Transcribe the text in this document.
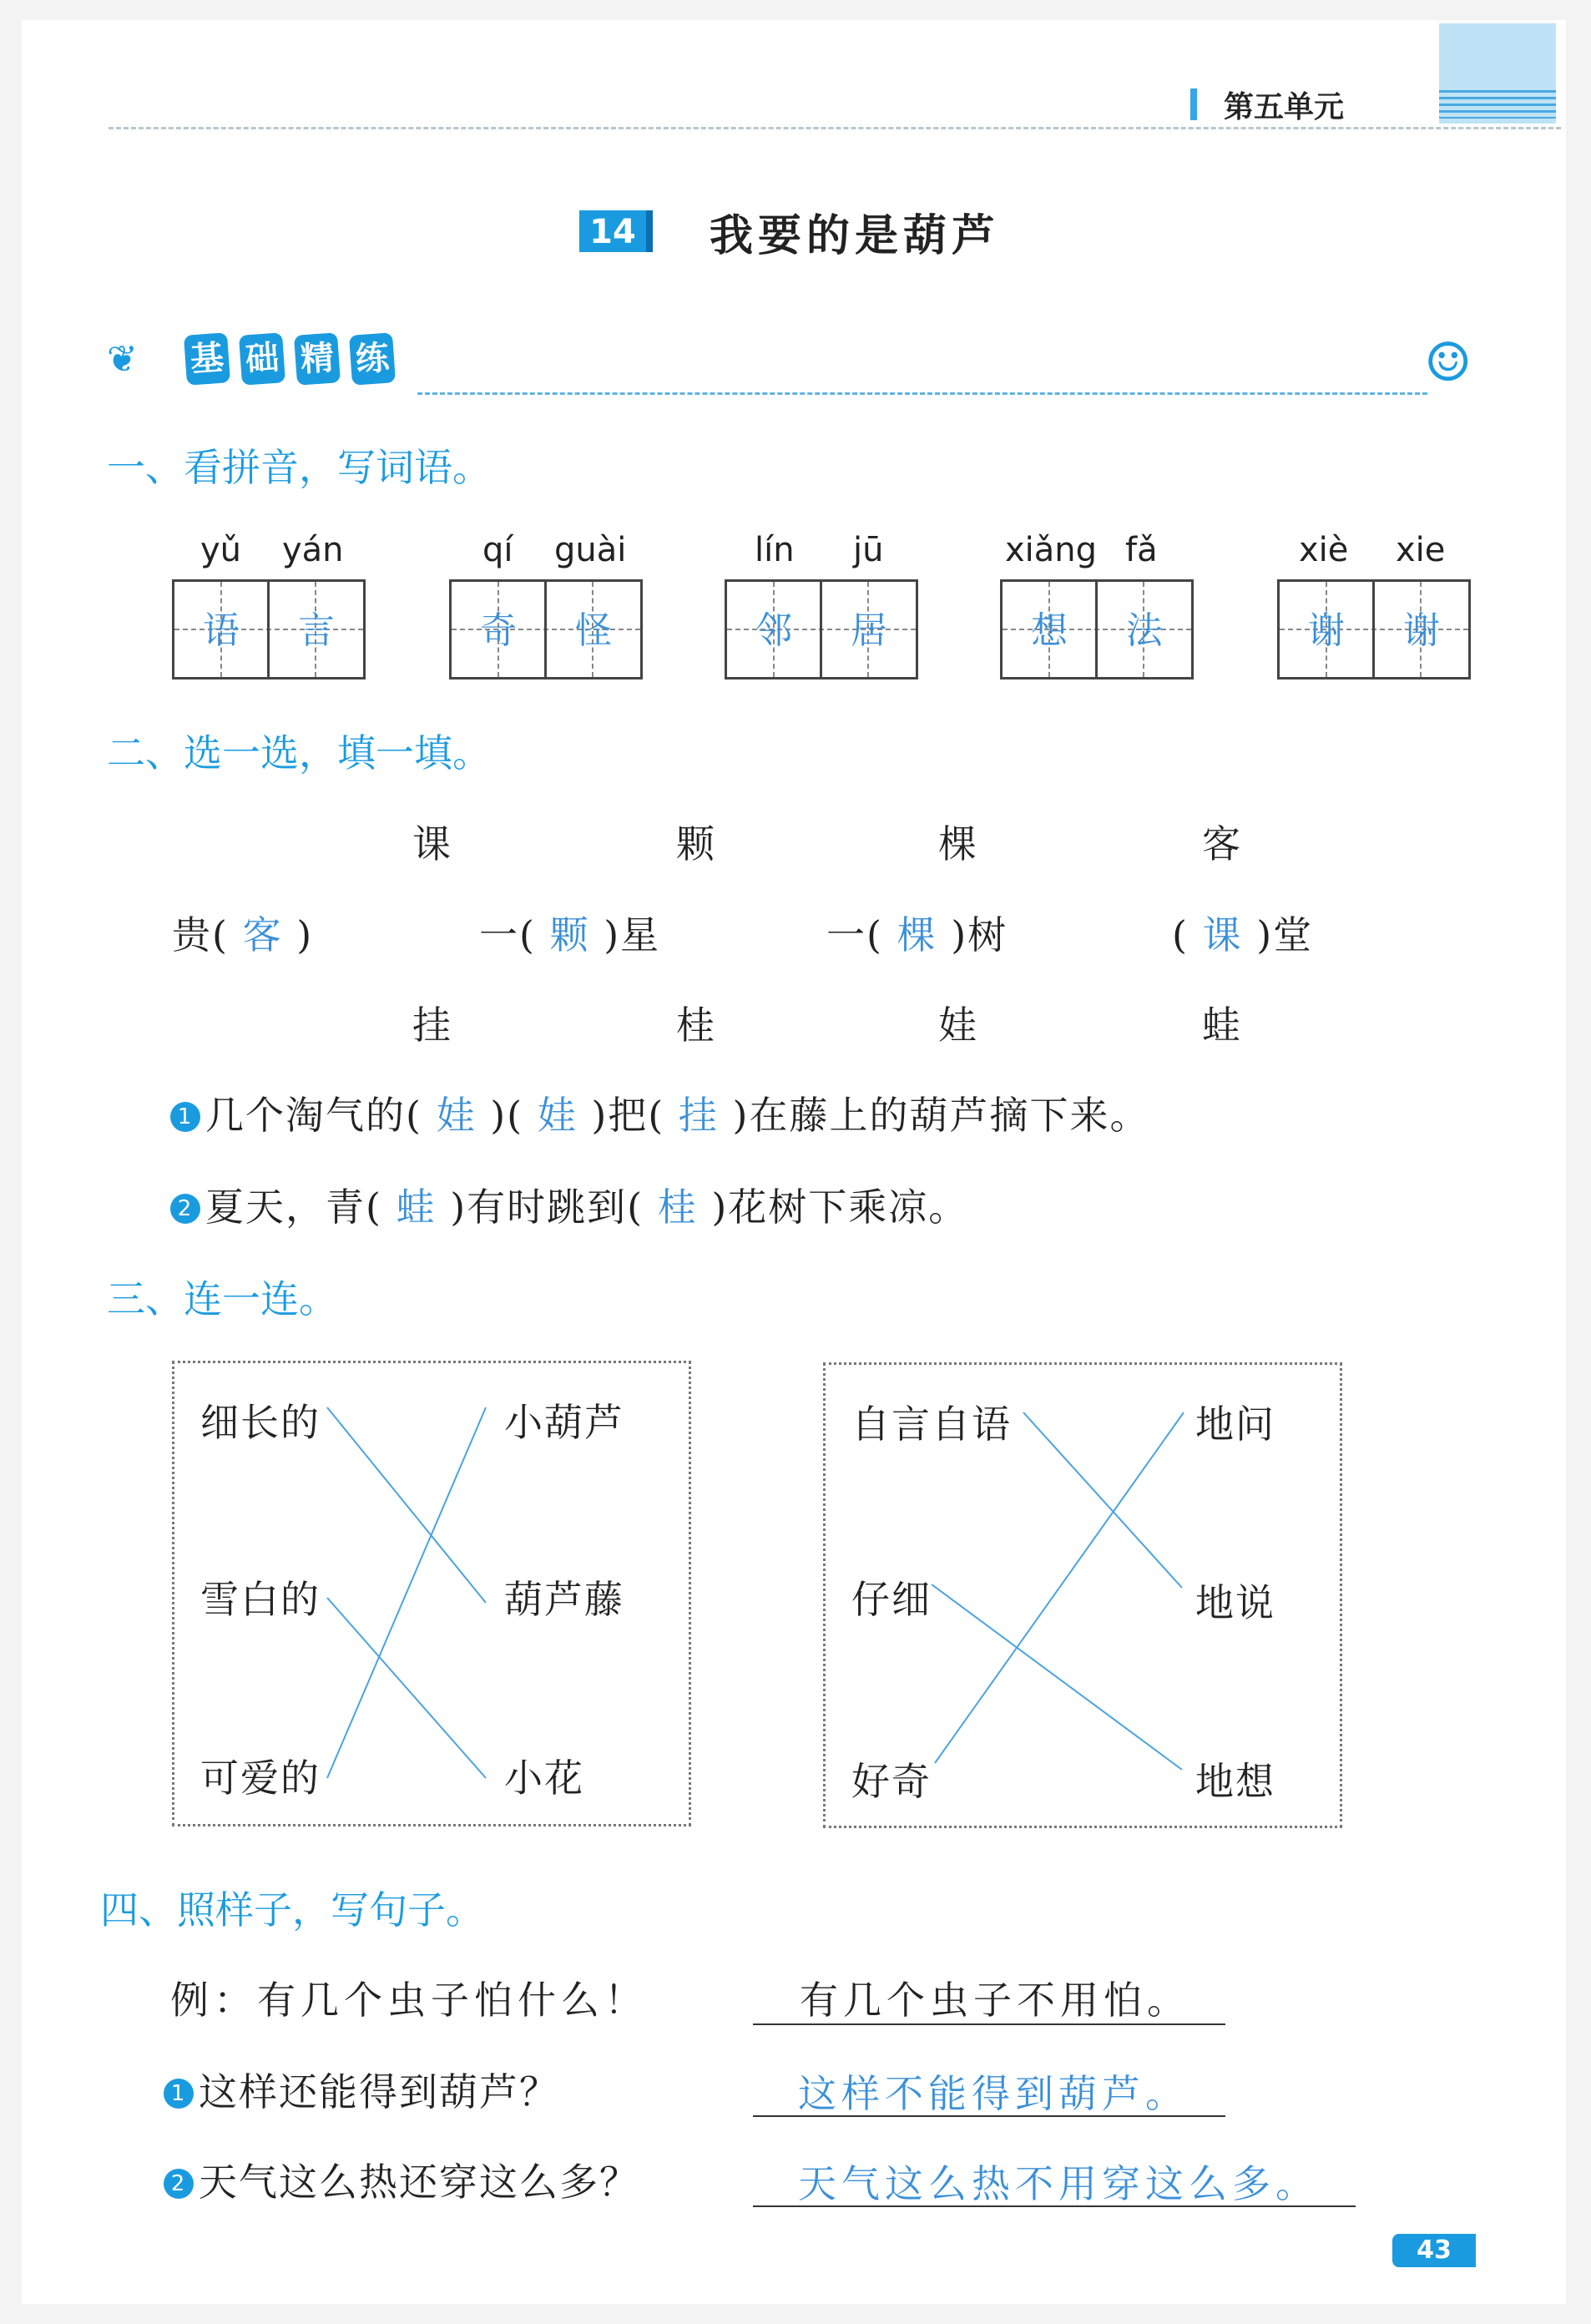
第五单元
14 我要的是葫芦
❦ 基 础 精 练	☺
一、看拼音，写词语。
yǔ yán
语	言
qí guài
奇	怪
lín jū
邻	居
xiǎng fǎ
想	法
xiè xie
谢	谢
二、选一选，填一填。
课	颗	棵	客
贵( 客 )	一( 颗 )星	一( 棵 )树	( 课 )堂
挂	桂	娃	蛙
1 几个淘气的( 娃 )( 娃 )把( 挂 )在藤上的葫芦摘下来。
2 夏天，青( 蛙 )有时跳到( 桂 )花树下乘凉。
三、连一连。
细长的
雪白的
可爱的
小葫芦
葫芦藤
小花
自言自语
仔细
好奇
地问
地说
地想
四、照样子，写句子。
例：有几个虫子怕什么！	有几个虫子不用怕。
1 这样还能得到葫芦？	这样不能得到葫芦。
2 天气这么热还穿这么多？	天气这么热不用穿这么多。
43
